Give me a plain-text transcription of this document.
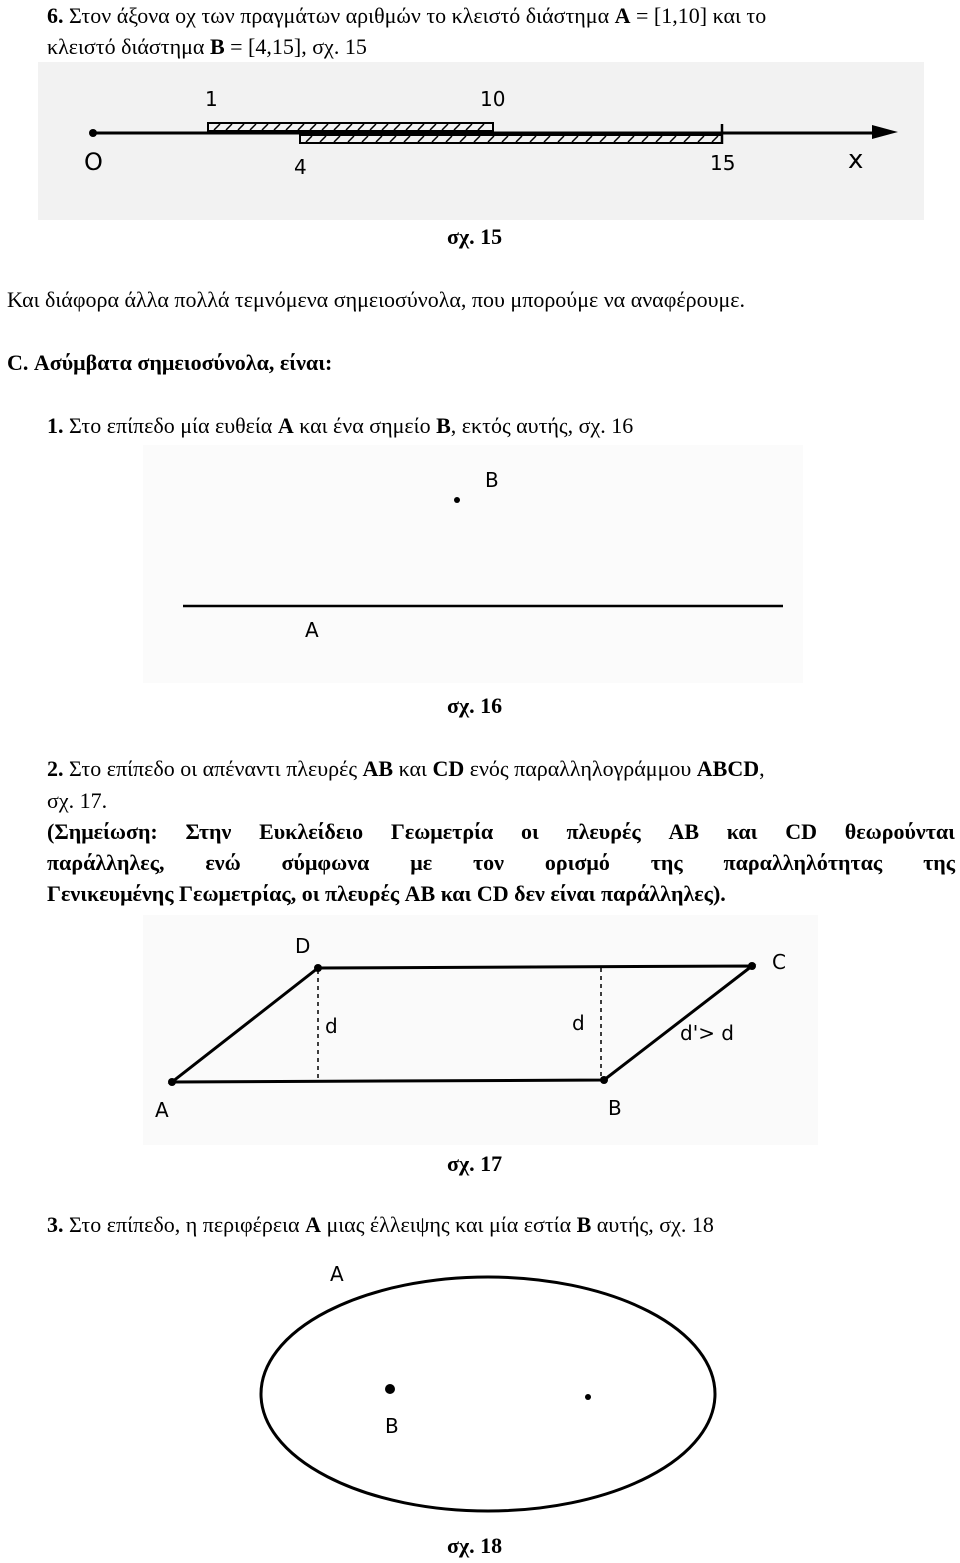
6. Στον άξονα οχ των πραγμάτων αριθμών το κλειστό διάστημα Α = [1,10] και το
κλειστό διάστημα Β = [4,15], σχ. 15
1	10
O	4	15	x
σχ. 15
Και διάφορα άλλα πολλά τεμνόμενα σημειοσύνολα, που μπορούμε να αναφέρουμε.
C. Ασύμβατα σημειοσύνολα, είναι:
1. Στο επίπεδο μία ευθεία Α και ένα σημείο Β, εκτός αυτής, σχ. 16
B
A
σχ. 16
2. Στο επίπεδο οι απέναντι πλευρές AB και CD ενός παραλληλογράμμου ABCD,
σχ. 17.
(Σημείωση: Στην Ευκλείδειο Γεωμετρία οι πλευρές AB και CD θεωρούνται
παράλληλες, ενώ σύμφωνα με τον ορισμό της παραλληλότητας της
Γενικευμένης Γεωμετρίας, οι πλευρές AB και CD δεν είναι παράλληλες).
D
C
A	B
d	d	d'> d
σχ. 17
3. Στο επίπεδο, η περιφέρεια Α μιας έλλειψης και μία εστία Β αυτής, σχ. 18
A
B
σχ. 18
